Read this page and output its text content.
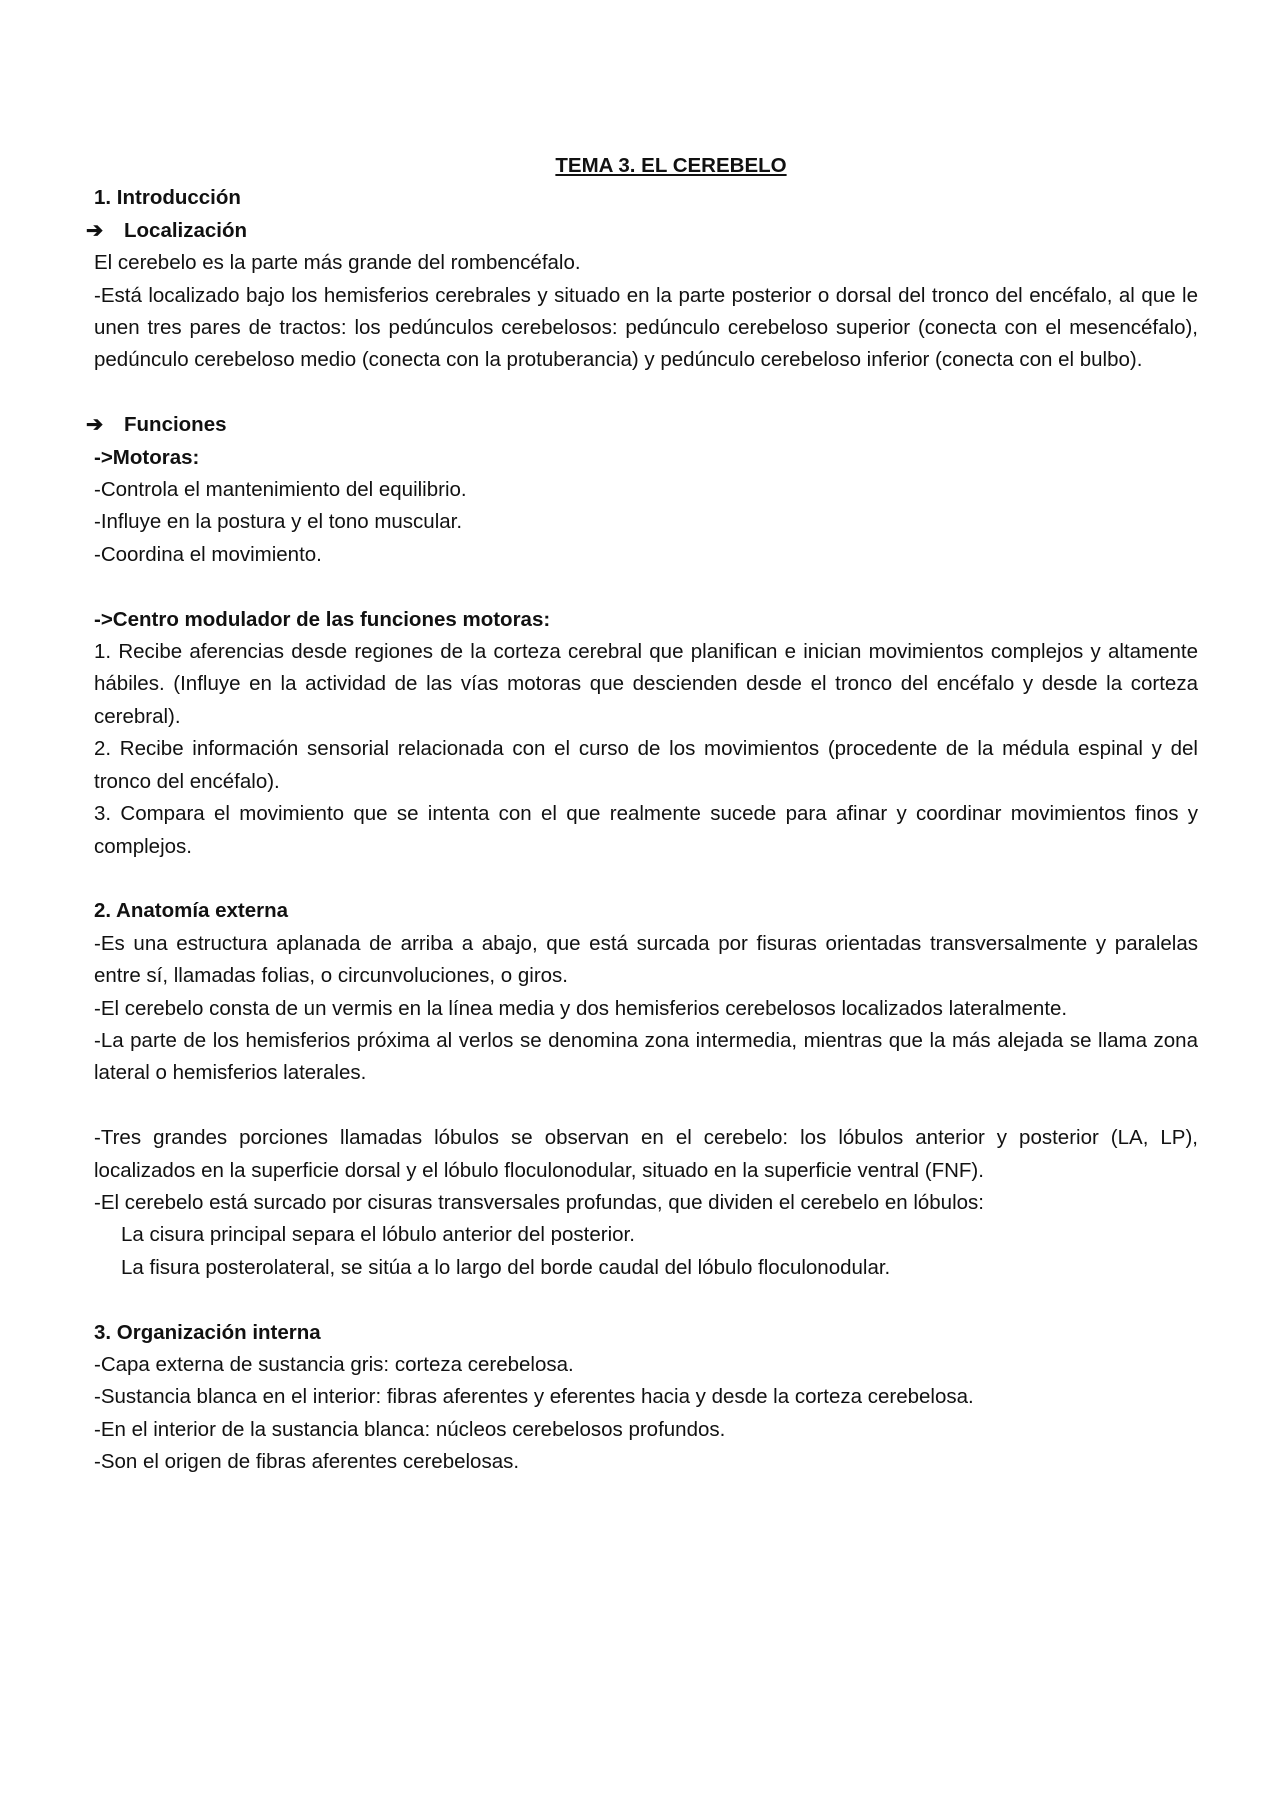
TEMA 3. EL CEREBELO

1. Introducción

➔ Localización

El cerebelo es la parte más grande del rombencéfalo.

-Está localizado bajo los hemisferios cerebrales y situado en la parte posterior o dorsal del tronco del encéfalo, al que le unen tres pares de tractos: los pedúnculos cerebelosos: pedúnculo cerebeloso superior (conecta con el mesencéfalo), pedúnculo cerebeloso medio (conecta con la protuberancia) y pedúnculo cerebeloso inferior (conecta con el bulbo).

➔ Funciones

->Motoras:

-Controla el mantenimiento del equilibrio.

-Influye en la postura y el tono muscular.

-Coordina el movimiento.

->Centro modulador de las funciones motoras:

1. Recibe aferencias desde regiones de la corteza cerebral que planifican e inician movimientos complejos y altamente hábiles. (Influye en la actividad de las vías motoras que descienden desde el tronco del encéfalo y desde la corteza cerebral).

2. Recibe información sensorial relacionada con el curso de los movimientos (procedente de la médula espinal y del tronco del encéfalo).

3. Compara el movimiento que se intenta con el que realmente sucede para afinar y coordinar movimientos finos y complejos.

2. Anatomía externa

-Es una estructura aplanada de arriba a abajo, que está surcada por fisuras orientadas transversalmente y paralelas entre sí, llamadas folias, o circunvoluciones, o giros.

-El cerebelo consta de un vermis en la línea media y dos hemisferios cerebelosos localizados lateralmente.

-La parte de los hemisferios próxima al verlos se denomina zona intermedia, mientras que la más alejada se llama zona lateral o hemisferios laterales.

-Tres grandes porciones llamadas lóbulos se observan en el cerebelo: los lóbulos anterior y posterior (LA, LP), localizados en la superficie dorsal y el lóbulo floculonodular, situado en la superficie ventral (FNF).

-El cerebelo está surcado por cisuras transversales profundas, que dividen el cerebelo en lóbulos:

La cisura principal separa el lóbulo anterior del posterior.

La fisura posterolateral, se sitúa a lo largo del borde caudal del lóbulo floculonodular.

3. Organización interna

-Capa externa de sustancia gris: corteza cerebelosa.

-Sustancia blanca en el interior: fibras aferentes y eferentes hacia y desde la corteza cerebelosa.

-En el interior de la sustancia blanca: núcleos cerebelosos profundos.

-Son el origen de fibras aferentes cerebelosas.
